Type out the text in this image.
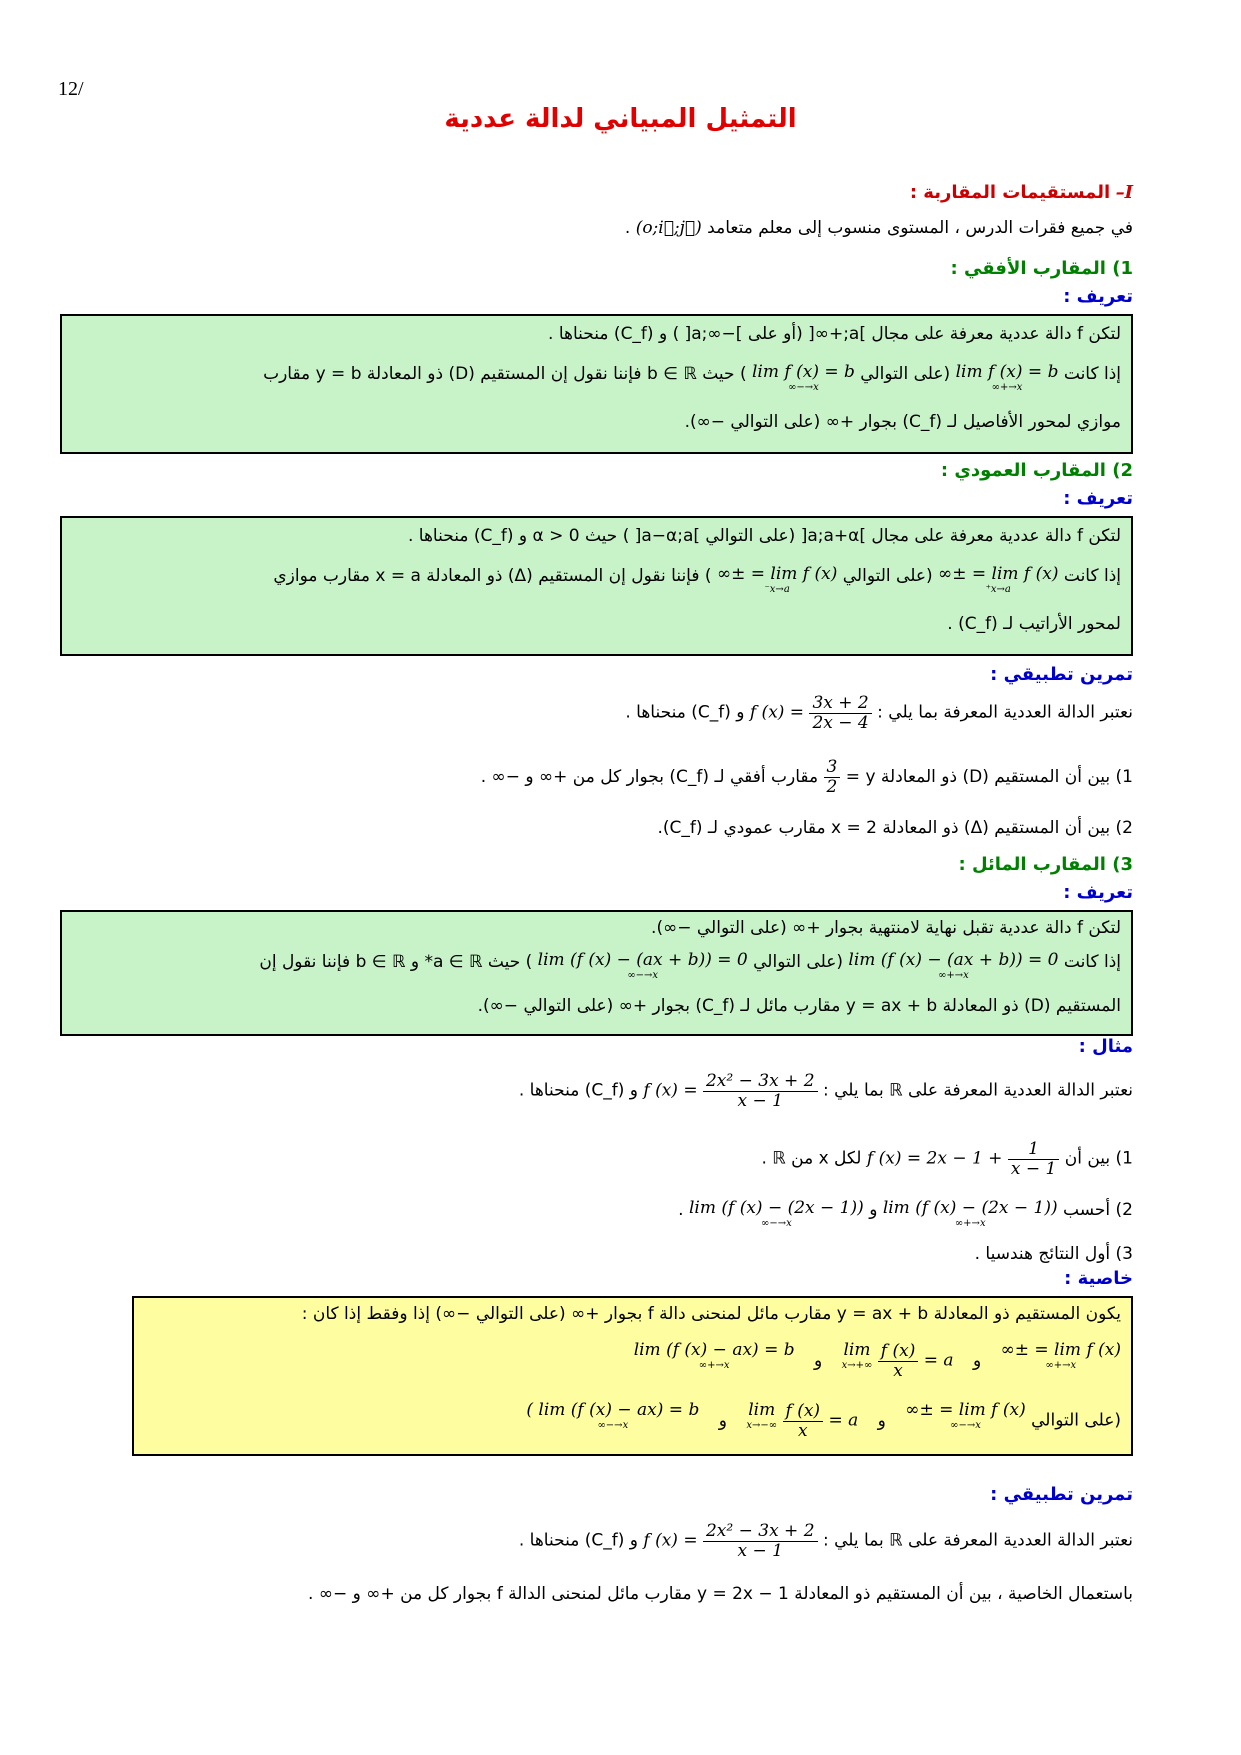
12/
التمثيل المبياني لدالة عددية
I– المستقيمات المقاربة :
في جميع فقرات الدرس ، المستوى منسوب إلى معلم متعامد (o;i⃗;j⃗) .
1) المقارب الأفقي :
تعريف :
لتكن f دالة عددية معرفة على مجال ]a;+∞[ (أو على ]−∞;a[ ) و (C_f) منحناها .
إذا كانت lim f (x) = b
x→+∞
(على التوالي lim f (x) = b
x→−∞
) حيث b ∈ ℝ فإننا نقول إن المستقيم (D) ذو المعادلة y = b مقارب
موازي لمحور الأفاصيل لـ (C_f) بجوار +∞ (على التوالي −∞).
2) المقارب العمودي :
تعريف :
لتكن f دالة عددية معرفة على مجال ]a;a+α[ (على التوالي ]a−α;a[ ) حيث α > 0 و (C_f) منحناها .
إذا كانت lim f (x) = ±∞
x→a⁺
(على التوالي lim f (x) = ±∞
x→a⁻
) فإننا نقول إن المستقيم (Δ) ذو المعادلة x = a مقارب موازي
لمحور الأراتيب لـ (C_f) .
تمرين تطبيقي :
نعتبر الدالة العددية المعرفة بما يلي : f $(x) = \frac{3x + 2}{2x - 4}$
و (C_f) منحناها .
1) بين أن المستقيم (D) ذو المعادلة y =
$\frac{3}{2}$
مقارب أفقي لـ (C_f) بجوار كل من +∞ و −∞ .
2) بين أن المستقيم (Δ) ذو المعادلة x = 2 مقارب عمودي لـ (C_f).
3) المقارب المائل :
تعريف :
لتكن f دالة عددية تقبل نهاية لامنتهية بجوار +∞ (على التوالي −∞).
إذا كانت lim (f (x) − (ax + b)) = 0
x→+∞
(على التوالي lim (f (x) − (ax + b)) = 0
x→−∞
) حيث a ∈ ℝ* و b ∈ ℝ فإننا نقول إن
المستقيم (D) ذو المعادلة y = ax + b مقارب مائل لـ (C_f) بجوار +∞ (على التوالي −∞).
مثال :
نعتبر الدالة العددية المعرفة على ℝ بما يلي : f $(x) = \frac{\text{2x² − 3x + 2}}{x - 1}$
و (C_f) منحناها .
1) بين أن f $(x) = 2x - 1 + \frac{1}{x - 1}$
لكل x من ℝ .
2) أحسب lim (f (x) − (2x − 1))
x→+∞
و lim (f (x) − (2x − 1))
x→−∞
.
3) أول النتائج هندسيا .
خاصية :
يكون المستقيم ذو المعادلة y = ax + b مقارب مائل لمنحنى دالة f بجوار +∞ (على التوالي −∞) إذا وفقط إذا كان :
lim f (x) = ±∞
x→+∞
و lim
x→+∞
$\frac{f (x)}{x} = a$ و lim (f (x) − ax) = b
x→+∞
(على التوالي lim f (x) = ±∞
x→−∞
و lim
x→−∞
$\frac{f (x)}{x} = a$ و lim (f (x) − ax) = b )
x→−∞
تمرين تطبيقي :
نعتبر الدالة العددية المعرفة على ℝ بما يلي : f $(x) = \frac{\text{2x² − 3x + 2}}{x - 1}$
و (C_f) منحناها .
باستعمال الخاصية ، بين أن المستقيم ذو المعادلة y = 2x − 1 مقارب مائل لمنحنى الدالة f بجوار كل من +∞ و −∞ .
